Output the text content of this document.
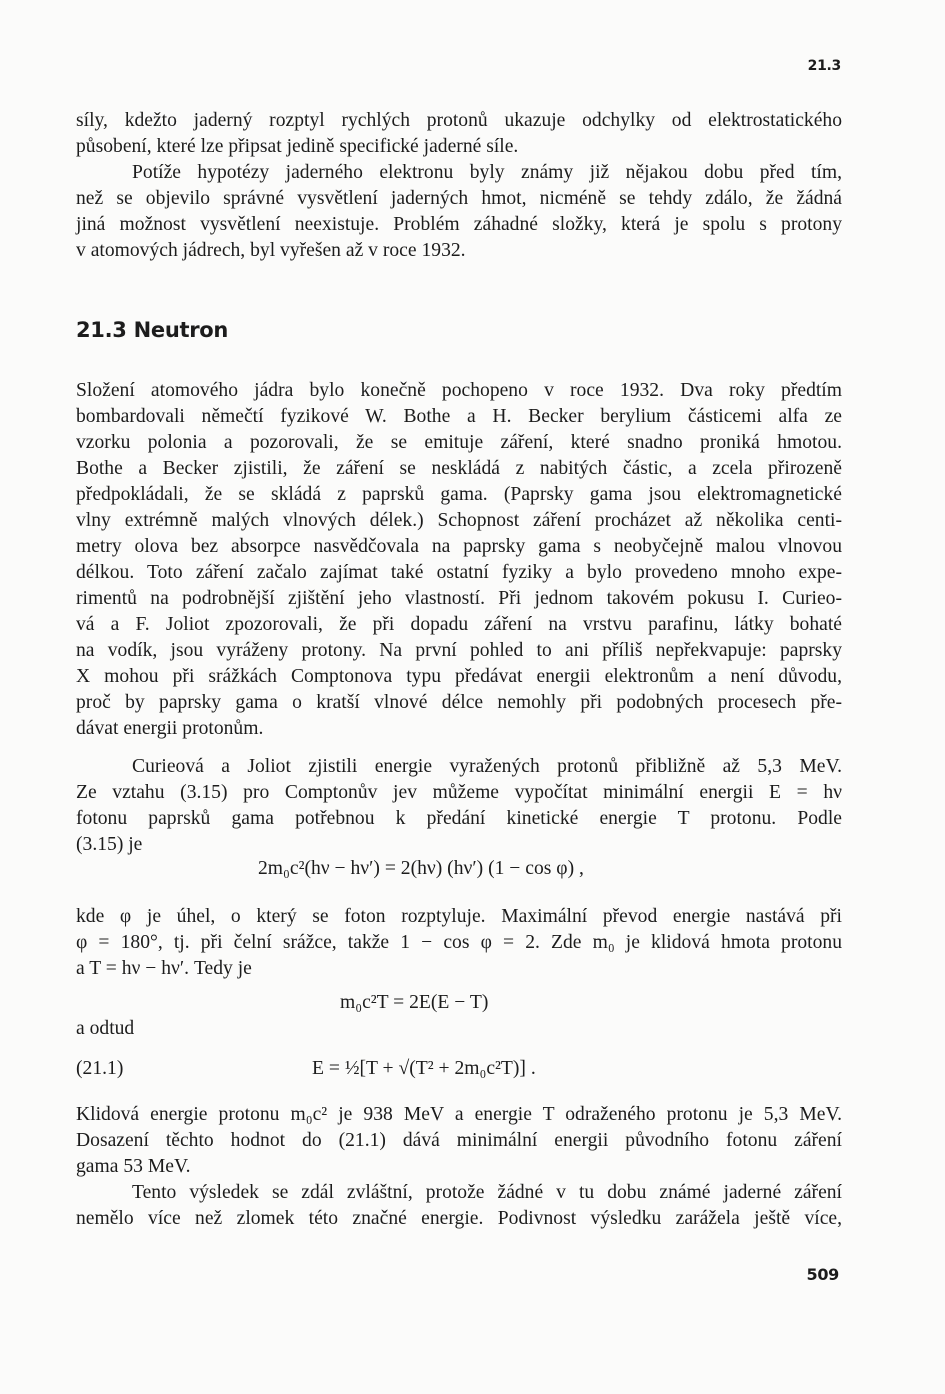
21.3
síly, kdežto jaderný rozptyl rychlých protonů ukazuje odchylky od elektrostatického
působení, které lze připsat jedině specifické jaderné síle.
Potíže hypotézy jaderného elektronu byly známy již nějakou dobu před tím,
než se objevilo správné vysvětlení jaderných hmot, nicméně se tehdy zdálo, že žádná
jiná možnost vysvětlení neexistuje. Problém záhadné složky, která je spolu s protony
v atomových jádrech, byl vyřešen až v roce 1932.
21.3 Neutron
Složení atomového jádra bylo konečně pochopeno v roce 1932. Dva roky předtím
bombardovali němečtí fyzikové W. Bothe a H. Becker berylium částicemi alfa ze
vzorku polonia a pozorovali, že se emituje záření, které snadno proniká hmotou.
Bothe a Becker zjistili, že záření se neskládá z nabitých částic, a zcela přirozeně
předpokládali, že se skládá z paprsků gama. (Paprsky gama jsou elektromagnetické
vlny extrémně malých vlnových délek.) Schopnost záření procházet až několika centi-
metry olova bez absorpce nasvědčovala na paprsky gama s neobyčejně malou vlnovou
délkou. Toto záření začalo zajímat také ostatní fyziky a bylo provedeno mnoho expe-
rimentů na podrobnější zjištění jeho vlastností. Při jednom takovém pokusu I. Curieo-
vá a F. Joliot zpozorovali, že při dopadu záření na vrstvu parafinu, látky bohaté
na vodík, jsou vyráženy protony. Na první pohled to ani příliš nepřekvapuje: paprsky
X mohou při srážkách Comptonova typu předávat energii elektronům a není důvodu,
proč by paprsky gama o kratší vlnové délce nemohly při podobných procesech pře-
dávat energii protonům.
Curieová a Joliot zjistili energie vyražených protonů přibližně až 5,3 MeV.
Ze vztahu (3.15) pro Comptonův jev můžeme vypočítat minimální energii E = hν
fotonu paprsků gama potřebnou k předání kinetické energie T protonu. Podle
(3.15) je
2m₀c²(hν − hν′) = 2(hν) (hν′) (1 − cos φ) ,
kde φ je úhel, o který se foton rozptyluje. Maximální převod energie nastává při
φ = 180°, tj. při čelní srážce, takže 1 − cos φ = 2. Zde m₀ je klidová hmota protonu
a T = hν − hν′. Tedy je
m₀c²T = 2E(E − T)
a odtud
(21.1)	E = ½[T + √(T² + 2m₀c²T)] .
Klidová energie protonu m₀c² je 938 MeV a energie T odraženého protonu je 5,3 MeV.
Dosazení těchto hodnot do (21.1) dává minimální energii původního fotonu záření
gama 53 MeV.
Tento výsledek se zdál zvláštní, protože žádné v tu dobu známé jaderné záření
nemělo více než zlomek této značné energie. Podivnost výsledku zarážela ještě více,
509
